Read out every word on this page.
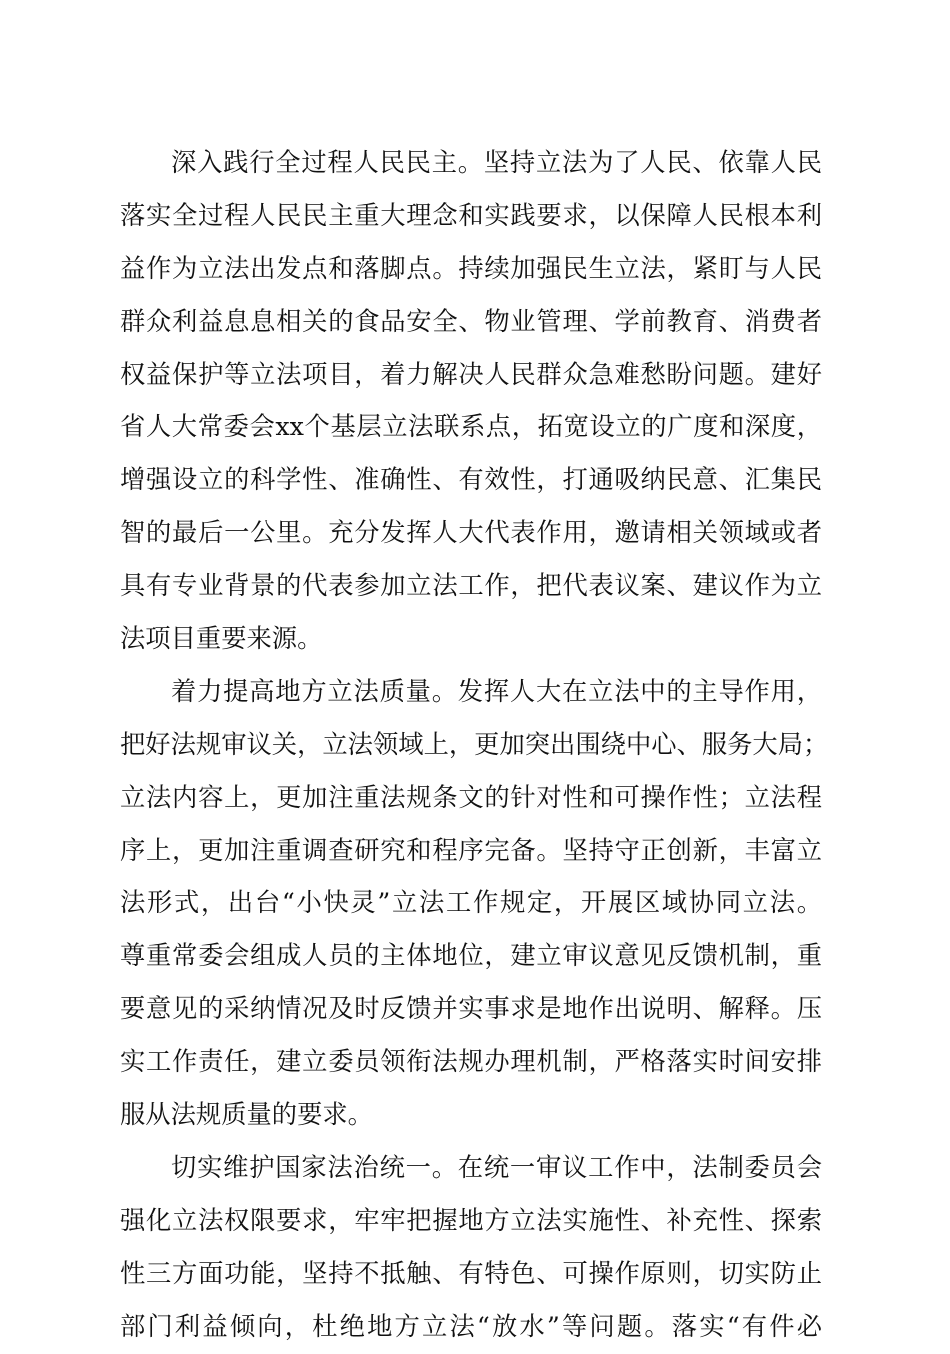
深入践行全过程人民民主。坚持立法为了人民、依靠人民
落实全过程人民民主重大理念和实践要求，以保障人民根本利
益作为立法出发点和落脚点。持续加强民生立法，紧盯与人民
群众利益息息相关的食品安全、物业管理、学前教育、消费者
权益保护等立法项目，着力解决人民群众急难愁盼问题。建好
省人大常委会xx个基层立法联系点，拓宽设立的广度和深度，
增强设立的科学性、准确性、有效性，打通吸纳民意、汇集民
智的最后一公里。充分发挥人大代表作用，邀请相关领域或者
具有专业背景的代表参加立法工作，把代表议案、建议作为立
法项目重要来源。
着力提高地方立法质量。发挥人大在立法中的主导作用，
把好法规审议关，立法领域上，更加突出围绕中心、服务大局；
立法内容上，更加注重法规条文的针对性和可操作性；立法程
序上，更加注重调查研究和程序完备。坚持守正创新，丰富立
法形式，出台“小快灵”立法工作规定，开展区域协同立法。
尊重常委会组成人员的主体地位，建立审议意见反馈机制，重
要意见的采纳情况及时反馈并实事求是地作出说明、解释。压
实工作责任，建立委员领衔法规办理机制，严格落实时间安排
服从法规质量的要求。
切实维护国家法治统一。在统一审议工作中，法制委员会
强化立法权限要求，牢牢把握地方立法实施性、补充性、探索
性三方面功能，坚持不抵触、有特色、可操作原则，切实防止
部门利益倾向，杜绝地方立法“放水”等问题。落实“有件必
